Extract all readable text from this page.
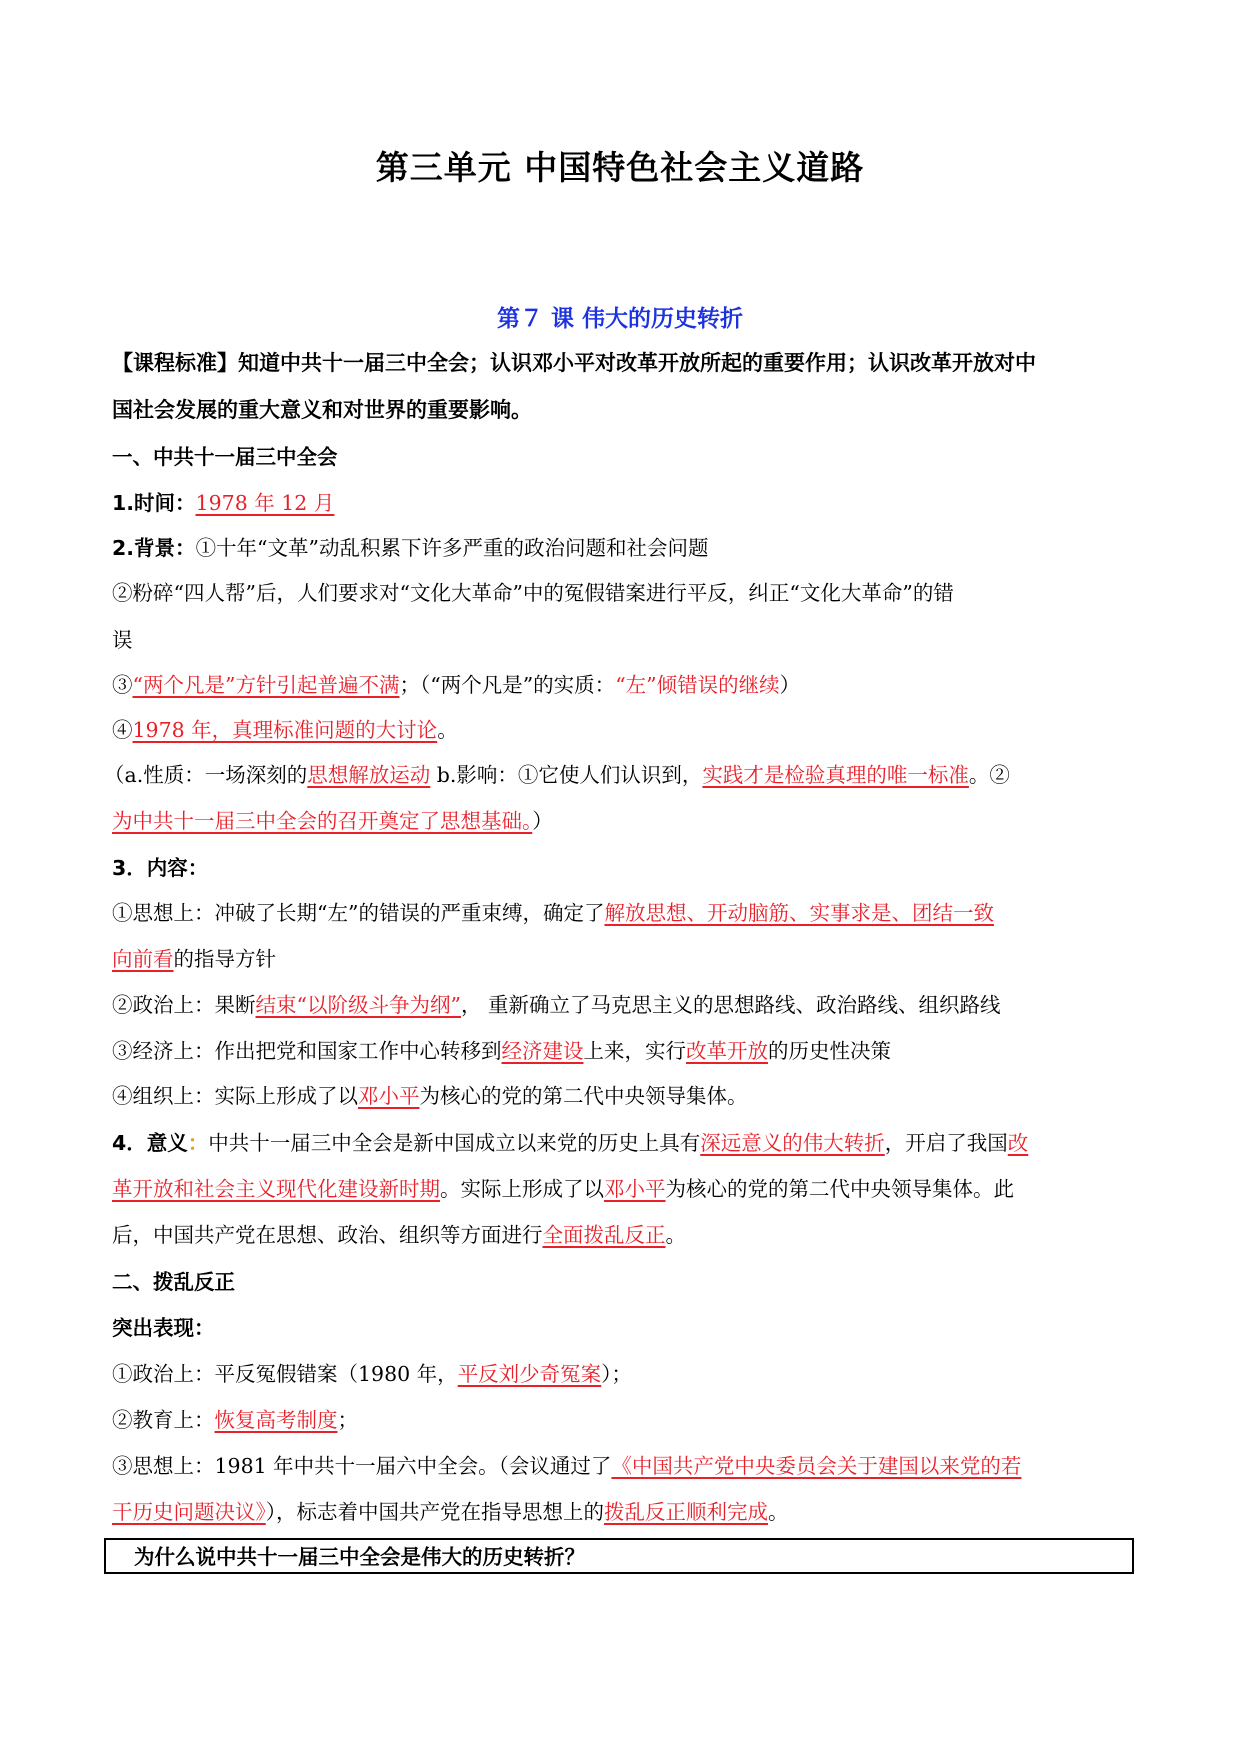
第三单元 中国特色社会主义道路
第７ 课 伟大的历史转折
【课程标准】知道中共十一届三中全会；认识邓小平对改革开放所起的重要作用；认识改革开放对中
国社会发展的重大意义和对世界的重要影响。
一、中共十一届三中全会
1.时间：1978 年 12 月
2.背景：①十年“文革”动乱积累下许多严重的政治问题和社会问题
②粉碎“四人帮”后，人们要求对“文化大革命”中的冤假错案进行平反，纠正“文化大革命”的错
误
③“两个凡是”方针引起普遍不满；（“两个凡是”的实质：“左”倾错误的继续）
④1978 年，真理标准问题的大讨论。
（a.性质：一场深刻的思想解放运动 b.影响：①它使人们认识到，实践才是检验真理的唯一标准。②
为中共十一届三中全会的召开奠定了思想基础。）
3．内容：
①思想上：冲破了长期“左”的错误的严重束缚，确定了解放思想、开动脑筋、实事求是、团结一致
向前看的指导方针
②政治上：果断结束“以阶级斗争为纲”， 重新确立了马克思主义的思想路线、政治路线、组织路线
③经济上：作出把党和国家工作中心转移到经济建设上来，实行改革开放的历史性决策
④组织上：实际上形成了以邓小平为核心的党的第二代中央领导集体。
4．意义：中共十一届三中全会是新中国成立以来党的历史上具有深远意义的伟大转折，开启了我国改
革开放和社会主义现代化建设新时期。实际上形成了以邓小平为核心的党的第二代中央领导集体。此
后，中国共产党在思想、政治、组织等方面进行全面拨乱反正。
二、拨乱反正
突出表现：
①政治上：平反冤假错案（1980 年，平反刘少奇冤案）；
②教育上：恢复高考制度；
③思想上：1981 年中共十一届六中全会。（会议通过了《中国共产党中央委员会关于建国以来党的若
干历史问题决议》），标志着中国共产党在指导思想上的拨乱反正顺利完成。
为什么说中共十一届三中全会是伟大的历史转折？
